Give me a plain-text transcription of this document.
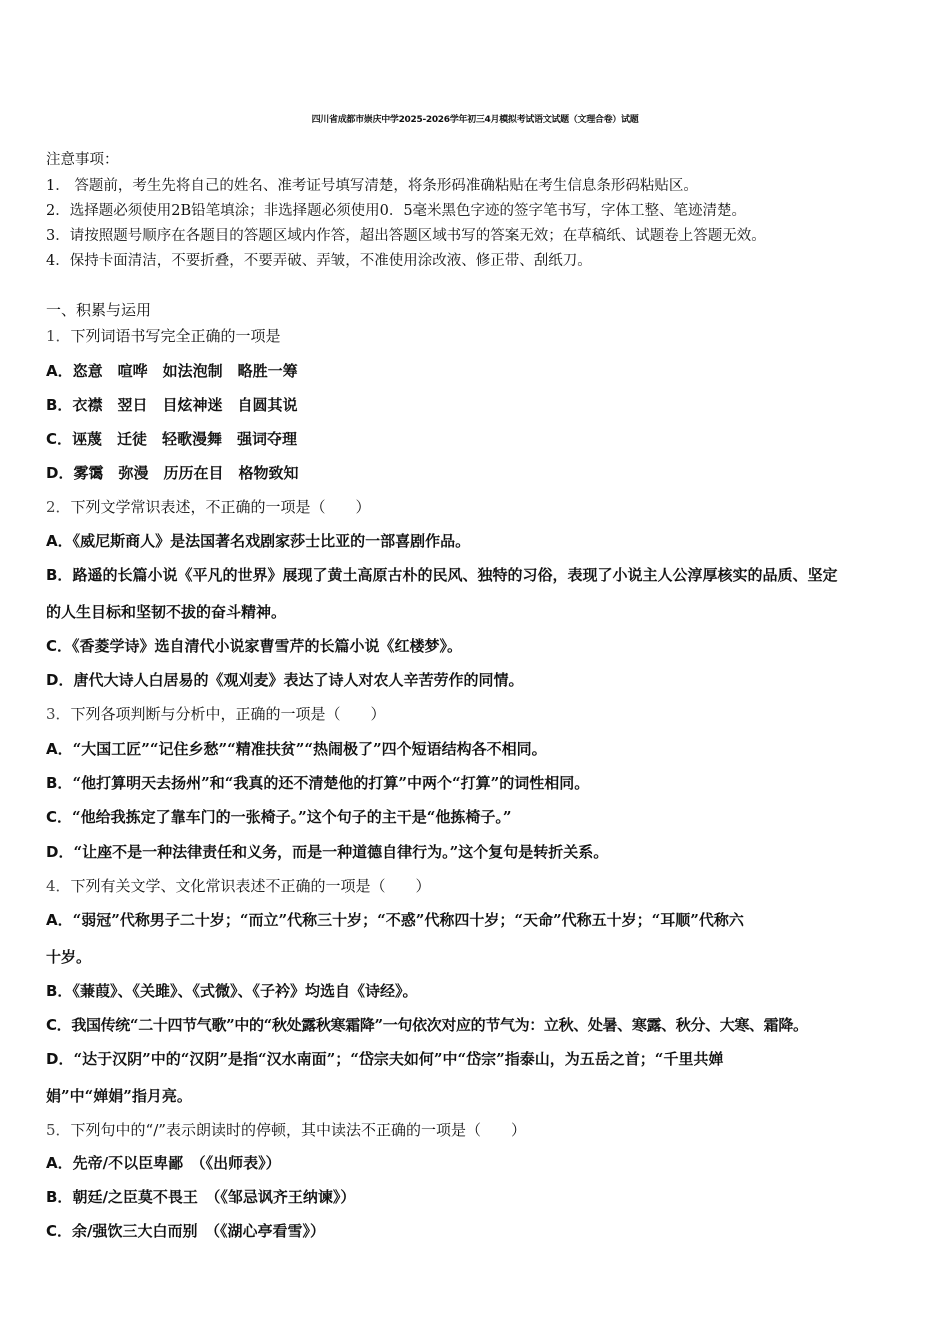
四川省成都市崇庆中学2025-2026学年初三4月模拟考试语文试题（文理合卷）试题
注意事项：
1． 答题前，考生先将自己的姓名、准考证号填写清楚，将条形码准确粘贴在考生信息条形码粘贴区。
2．选择题必须使用2B铅笔填涂；非选择题必须使用0．5毫米黑色字迹的签字笔书写，字体工整、笔迹清楚。
3．请按照题号顺序在各题目的答题区域内作答，超出答题区域书写的答案无效；在草稿纸、试题卷上答题无效。
4．保持卡面清洁，不要折叠，不要弄破、弄皱，不准使用涂改液、修正带、刮纸刀。
一、积累与运用
1．下列词语书写完全正确的一项是
A．恣意　喧哗　如法泡制　略胜一筹
B．衣襟　翌日　目炫神迷　自圆其说
C．诬蔑　迁徒　轻歌漫舞　强词夺理
D．雾霭　弥漫　历历在目　格物致知
2．下列文学常识表述，不正确的一项是（　　）
A．《威尼斯商人》是法国著名戏剧家莎士比亚的一部喜剧作品。
B．路遥的长篇小说《平凡的世界》展现了黄土高原古朴的民风、独特的习俗，表现了小说主人公淳厚核实的品质、坚定
的人生目标和坚韧不拔的奋斗精神。
C．《香菱学诗》选自清代小说家曹雪芹的长篇小说《红楼梦》。
D．唐代大诗人白居易的《观刈麦》表达了诗人对农人辛苦劳作的同情。
3．下列各项判断与分析中，正确的一项是（　　）
A．“大国工匠”“记住乡愁”“精准扶贫”“热闹极了”四个短语结构各不相同。
B．“他打算明天去扬州”和“我真的还不清楚他的打算”中两个“打算”的词性相同。
C．“他给我拣定了靠车门的一张椅子。”这个句子的主干是“他拣椅子。”
D．“让座不是一种法律责任和义务，而是一种道德自律行为。”这个复句是转折关系。
4．下列有关文学、文化常识表述不正确的一项是（　　）
A．“弱冠”代称男子二十岁；“而立”代称三十岁；“不惑”代称四十岁；“天命”代称五十岁；“耳顺”代称六
十岁。
B．《蒹葭》、《关雎》、《式微》、《子衿》均选自《诗经》。
C．我国传统“二十四节气歌”中的“秋处露秋寒霜降”一句依次对应的节气为：立秋、处暑、寒露、秋分、大寒、霜降。
D．“达于汉阴”中的“汉阴”是指“汉水南面”；“岱宗夫如何”中“岱宗”指泰山，为五岳之首；“千里共婵
娟”中“婵娟”指月亮。
5．下列句中的“/”表示朗读时的停顿，其中读法不正确的一项是（　　）
A．先帝/不以臣卑鄙　（《出师表》）
B．朝廷/之臣莫不畏王　（《邹忌讽齐王纳谏》）
C．余/强饮三大白而别　（《湖心亭看雪》）
